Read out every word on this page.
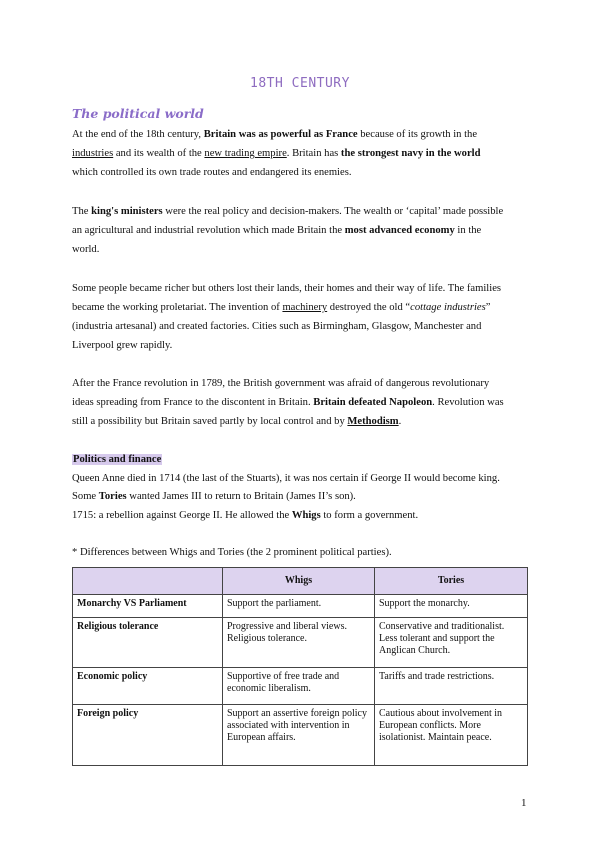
18TH CENTURY
The political world
At the end of the 18th century, Britain was as powerful as France because of its growth in the
industries and its wealth of the new trading empire. Britain has the strongest navy in the world
which controlled its own trade routes and endangered its enemies.
The king's ministers were the real policy and decision-makers. The wealth or ‘capital’ made possible
an agricultural and industrial revolution which made Britain the most advanced economy in the
world.
Some people became richer but others lost their lands, their homes and their way of life. The families
became the working proletariat. The invention of machinery destroyed the old “cottage industries”
(industria artesanal) and created factories. Cities such as Birmingham, Glasgow, Manchester and
Liverpool grew rapidly.
After the France revolution in 1789, the British government was afraid of dangerous revolutionary
ideas spreading from France to the discontent in Britain. Britain defeated Napoleon. Revolution was
still a possibility but Britain saved partly by local control and by Methodism.
Politics and finance
Queen Anne died in 1714 (the last of the Stuarts), it was nos certain if George II would become king.
Some Tories wanted James III to return to Britain (James II’s son).
1715: a rebellion against George II. He allowed the Whigs to form a government.
* Differences between Whigs and Tories (the 2 prominent political parties).
	Whigs	Tories
Monarchy VS Parliament	Support the parliament.	Support the monarchy.
Religious tolerance	Progressive and liberal views. Religious tolerance.	Conservative and traditionalist. Less tolerant and support the Anglican Church.
Economic policy	Supportive of free trade and economic liberalism.	Tariffs and trade restrictions.
Foreign policy	Support an assertive foreign policy associated with intervention in European affairs.	Cautious about involvement in European conflicts. More isolationist. Maintain peace.
1
